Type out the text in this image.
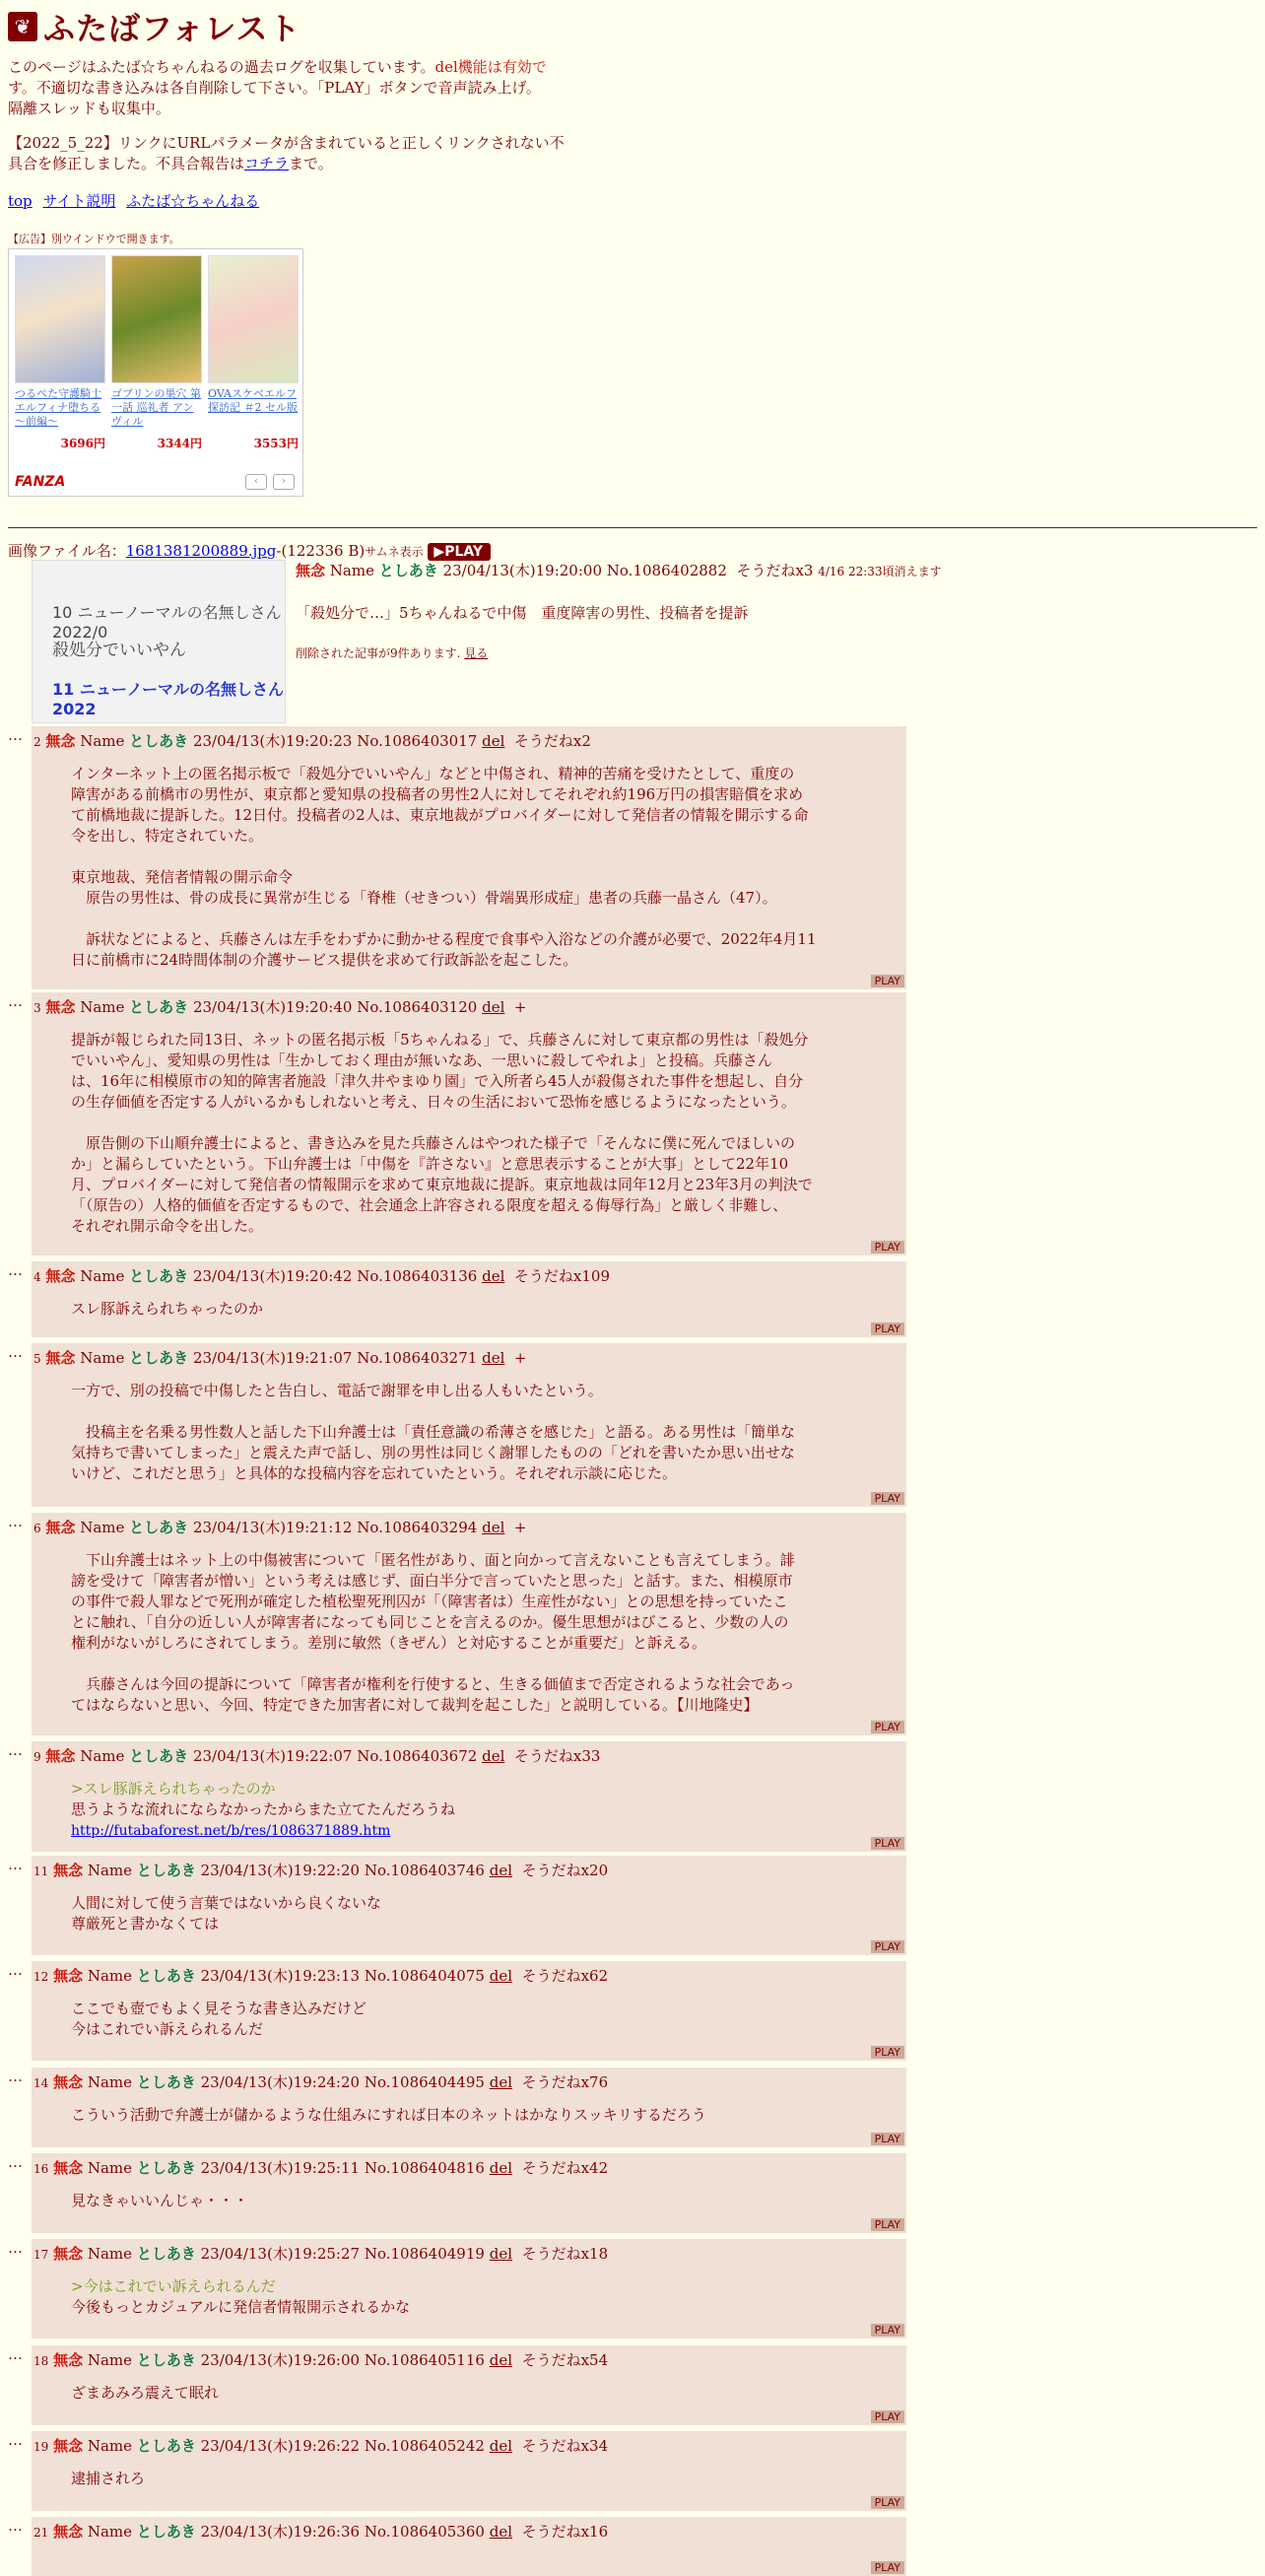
❦ ふたばフォレスト

このページはふたば☆ちゃんねるの過去ログを収集しています。del機能は有効で
す。不適切な書き込みは各自削除して下さい。「PLAY」ボタンで音声読み上げ。
隔離スレッドも収集中。

【2022_5_22】リンクにURLパラメータが含まれていると正しくリンクされない不
具合を修正しました。不具合報告はコチラまで。
top サイト説明 ふたば☆ちゃんねる
【広告】別ウインドウで開きます。
つるぺた守護騎士エルフィナ堕ちる 〜前編〜
3696円
ゴブリンの巣穴 第一話 巡礼者 アンヴィル
3344円
OVAスケベエルフ探訪記 ＃2 セル版
3553円
FANZA	‹	›
画像ファイル名：1681381200889.jpg-(122336 B)サムネ表示 ▶PLAY
10 ニューノーマルの名無しさん 2022/0
殺処分でいいやん
11 ニューノーマルの名無しさん 2022
無念 Name としあき 23/04/13(木)19:20:00 No.1086402882 そうだねx3 4/16 22:33頃消えます
「殺処分で…」5ちゃんねるで中傷　重度障害の男性、投稿者を提訴
削除された記事が9件あります. 見る
… 2 無念 Name としあき 23/04/13(木)19:20:23 No.1086403017 del そうだねx2
インターネット上の匿名掲示板で「殺処分でいいやん」などと中傷され、精神的苦痛を受けたとして、重度の
障害がある前橋市の男性が、東京都と愛知県の投稿者の男性2人に対してそれぞれ約196万円の損害賠償を求め
て前橋地裁に提訴した。12日付。投稿者の2人は、東京地裁がプロバイダーに対して発信者の情報を開示する命
令を出し、特定されていた。
東京地裁、発信者情報の開示命令
　原告の男性は、骨の成長に異常が生じる「脊椎（せきつい）骨端異形成症」患者の兵藤一晶さん（47）。
　訴状などによると、兵藤さんは左手をわずかに動かせる程度で食事や入浴などの介護が必要で、2022年4月11
日に前橋市に24時間体制の介護サービス提供を求めて行政訴訟を起こした。
PLAY
… 3 無念 Name としあき 23/04/13(木)19:20:40 No.1086403120 del +
提訴が報じられた同13日、ネットの匿名掲示板「5ちゃんねる」で、兵藤さんに対して東京都の男性は「殺処分
でいいやん」、愛知県の男性は「生かしておく理由が無いなあ、一思いに殺してやれよ」と投稿。兵藤さん
は、16年に相模原市の知的障害者施設「津久井やまゆり園」で入所者ら45人が殺傷された事件を想起し、自分
の生存価値を否定する人がいるかもしれないと考え、日々の生活において恐怖を感じるようになったという。
　原告側の下山順弁護士によると、書き込みを見た兵藤さんはやつれた様子で「そんなに僕に死んでほしいの
か」と漏らしていたという。下山弁護士は「中傷を『許さない』と意思表示することが大事」として22年10
月、プロバイダーに対して発信者の情報開示を求めて東京地裁に提訴。東京地裁は同年12月と23年3月の判決で
「（原告の）人格的価値を否定するもので、社会通念上許容される限度を超える侮辱行為」と厳しく非難し、
それぞれ開示命令を出した。
PLAY
… 4 無念 Name としあき 23/04/13(木)19:20:42 No.1086403136 del そうだねx109
スレ豚訴えられちゃったのか
PLAY
… 5 無念 Name としあき 23/04/13(木)19:21:07 No.1086403271 del +
一方で、別の投稿で中傷したと告白し、電話で謝罪を申し出る人もいたという。
　投稿主を名乗る男性数人と話した下山弁護士は「責任意識の希薄さを感じた」と語る。ある男性は「簡単な
気持ちで書いてしまった」と震えた声で話し、別の男性は同じく謝罪したものの「どれを書いたか思い出せな
いけど、これだと思う」と具体的な投稿内容を忘れていたという。それぞれ示談に応じた。
PLAY
… 6 無念 Name としあき 23/04/13(木)19:21:12 No.1086403294 del +
　下山弁護士はネット上の中傷被害について「匿名性があり、面と向かって言えないことも言えてしまう。誹
謗を受けて「障害者が憎い」という考えは感じず、面白半分で言っていたと思った」と話す。また、相模原市
の事件で殺人罪などで死刑が確定した植松聖死刑囚が「（障害者は）生産性がない」との思想を持っていたこ
とに触れ、「自分の近しい人が障害者になっても同じことを言えるのか。優生思想がはびこると、少数の人の
権利がないがしろにされてしまう。差別に敏然（きぜん）と対応することが重要だ」と訴える。
　兵藤さんは今回の提訴について「障害者が権利を行使すると、生きる価値まで否定されるような社会であっ
てはならないと思い、今回、特定できた加害者に対して裁判を起こした」と説明している。【川地隆史】
PLAY
… 9 無念 Name としあき 23/04/13(木)19:22:07 No.1086403672 del そうだねx33
>スレ豚訴えられちゃったのか
思うような流れにならなかったからまた立てたんだろうね
http://futabaforest.net/b/res/1086371889.htm
PLAY
… 11 無念 Name としあき 23/04/13(木)19:22:20 No.1086403746 del そうだねx20
人間に対して使う言葉ではないから良くないな
尊厳死と書かなくては
PLAY
… 12 無念 Name としあき 23/04/13(木)19:23:13 No.1086404075 del そうだねx62
ここでも壺でもよく見そうな書き込みだけど
今はこれでい訴えられるんだ
PLAY
… 14 無念 Name としあき 23/04/13(木)19:24:20 No.1086404495 del そうだねx76
こういう活動で弁護士が儲かるような仕組みにすれば日本のネットはかなりスッキリするだろう
PLAY
… 16 無念 Name としあき 23/04/13(木)19:25:11 No.1086404816 del そうだねx42
見なきゃいいんじゃ・・・
PLAY
… 17 無念 Name としあき 23/04/13(木)19:25:27 No.1086404919 del そうだねx18
>今はこれでい訴えられるんだ
今後もっとカジュアルに発信者情報開示されるかな
PLAY
… 18 無念 Name としあき 23/04/13(木)19:26:00 No.1086405116 del そうだねx54
ざまあみろ震えて眠れ
PLAY
… 19 無念 Name としあき 23/04/13(木)19:26:22 No.1086405242 del そうだねx34
逮捕されろ
PLAY
… 21 無念 Name としあき 23/04/13(木)19:26:36 No.1086405360 del そうだねx16
PLAY
